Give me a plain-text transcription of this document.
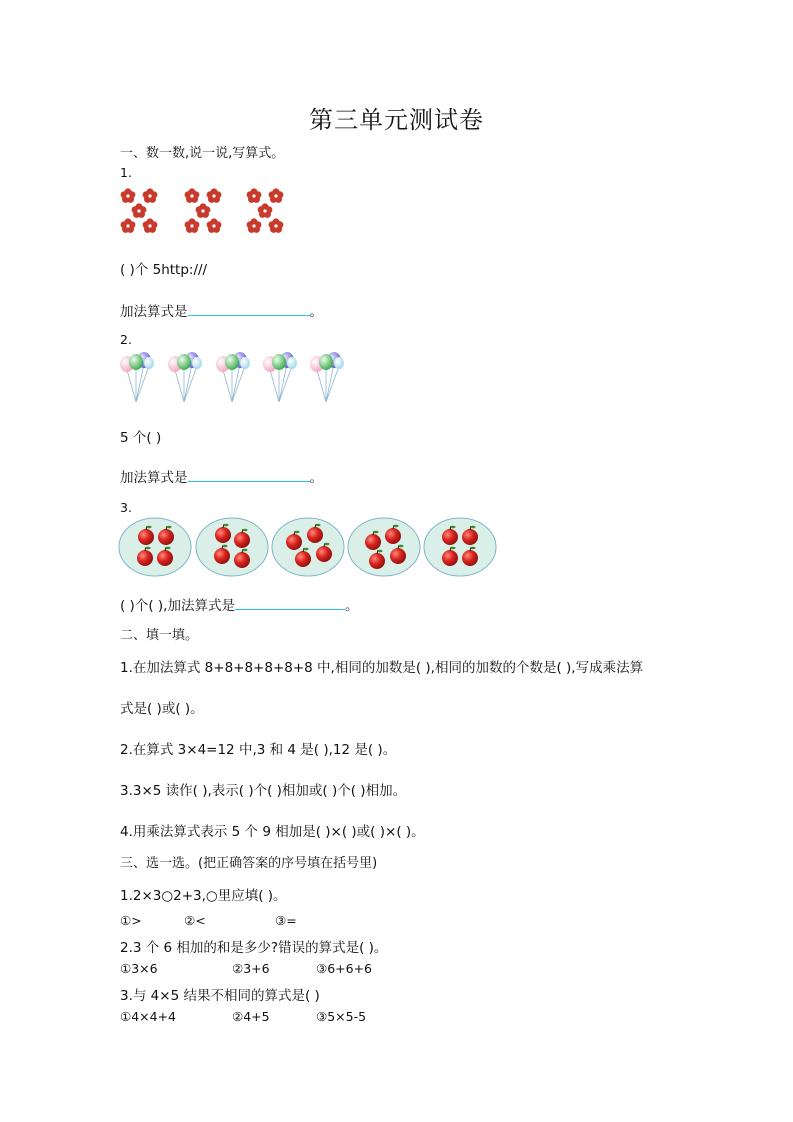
第三单元测试卷
一、数一数,说一说,写算式。
1.
( )个 5http:///
加法算式是	。
2.
5 个( )
加法算式是	。
3.
( )个( ),加法算式是	。
二、填一填。
1.在加法算式 8+8+8+8+8+8 中,相同的加数是( ),相同的加数的个数是( ),写成乘法算
式是( )或( )。
2.在算式 3×4=12 中,3 和 4 是( ),12 是( )。
3.3×5 读作( ),表示( )个( )相加或( )个( )相加。
4.用乘法算式表示 5 个 9 相加是( )×( )或( )×( )。
三、选一选。(把正确答案的序号填在括号里)
1.2×3○2+3,○里应填( )。
①>	②<	③=
2.3 个 6 相加的和是多少?错误的算式是( )。
①3×6	②3+6	③6+6+6
3.与 4×5 结果不相同的算式是( )
①4×4+4	②4+5	③5×5-5
